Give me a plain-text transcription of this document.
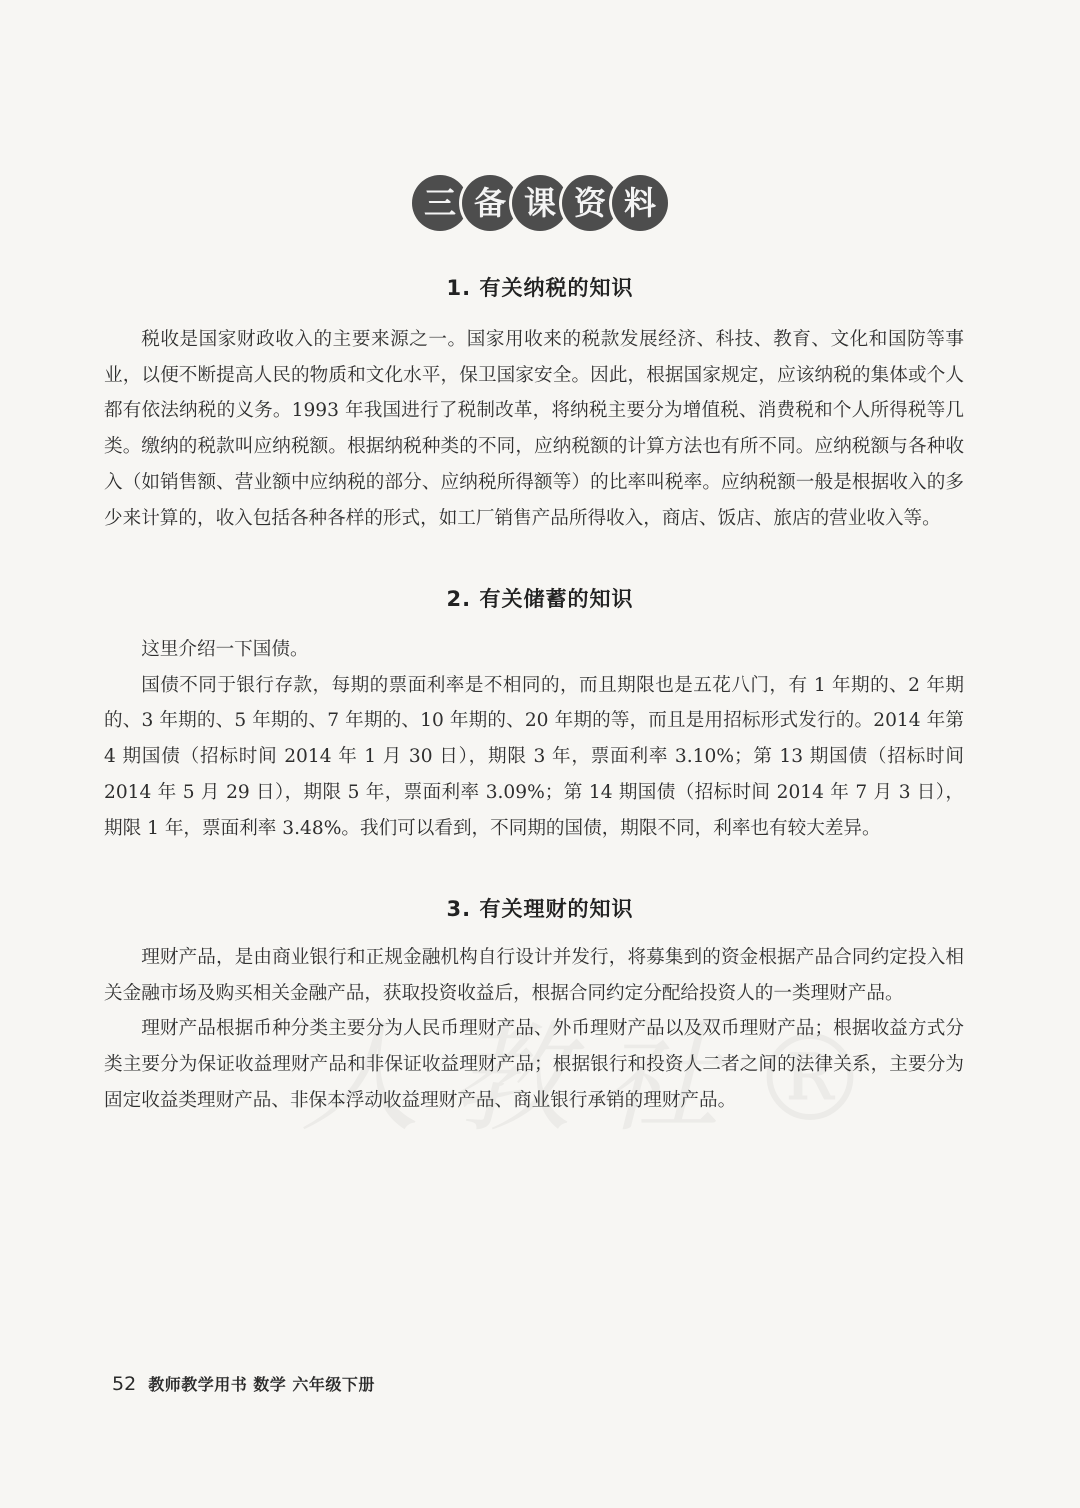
三 备 课 资 料
1. 有关纳税的知识

税收是国家财政收入的主要来源之一。国家用收来的税款发展经济、科技、教育、文化和国防等事业，以便不断提高人民的物质和文化水平，保卫国家安全。因此，根据国家规定，应该纳税的集体或个人都有依法纳税的义务。1993 年我国进行了税制改革，将纳税主要分为增值税、消费税和个人所得税等几类。缴纳的税款叫应纳税额。根据纳税种类的不同，应纳税额的计算方法也有所不同。应纳税额与各种收入（如销售额、营业额中应纳税的部分、应纳税所得额等）的比率叫税率。应纳税额一般是根据收入的多少来计算的，收入包括各种各样的形式，如工厂销售产品所得收入，商店、饭店、旅店的营业收入等。

2. 有关储蓄的知识

这里介绍一下国债。

国债不同于银行存款，每期的票面利率是不相同的，而且期限也是五花八门，有 1 年期的、2 年期的、3 年期的、5 年期的、7 年期的、10 年期的、20 年期的等，而且是用招标形式发行的。2014 年第 4 期国债（招标时间 2014 年 1 月 30 日），期限 3 年，票面利率 3.10%；第 13 期国债（招标时间 2014 年 5 月 29 日），期限 5 年，票面利率 3.09%；第 14 期国债（招标时间 2014 年 7 月 3 日），期限 1 年，票面利率 3.48%。我们可以看到，不同期的国债，期限不同，利率也有较大差异。

3. 有关理财的知识

理财产品，是由商业银行和正规金融机构自行设计并发行，将募集到的资金根据产品合同约定投入相关金融市场及购买相关金融产品，获取投资收益后，根据合同约定分配给投资人的一类理财产品。

理财产品根据币种分类主要分为人民币理财产品、外币理财产品以及双币理财产品；根据收益方式分类主要分为保证收益理财产品和非保证收益理财产品；根据银行和投资人二者之间的法律关系，主要分为固定收益类理财产品、非保本浮动收益理财产品、商业银行承销的理财产品。

52 教师教学用书 数学 六年级下册
